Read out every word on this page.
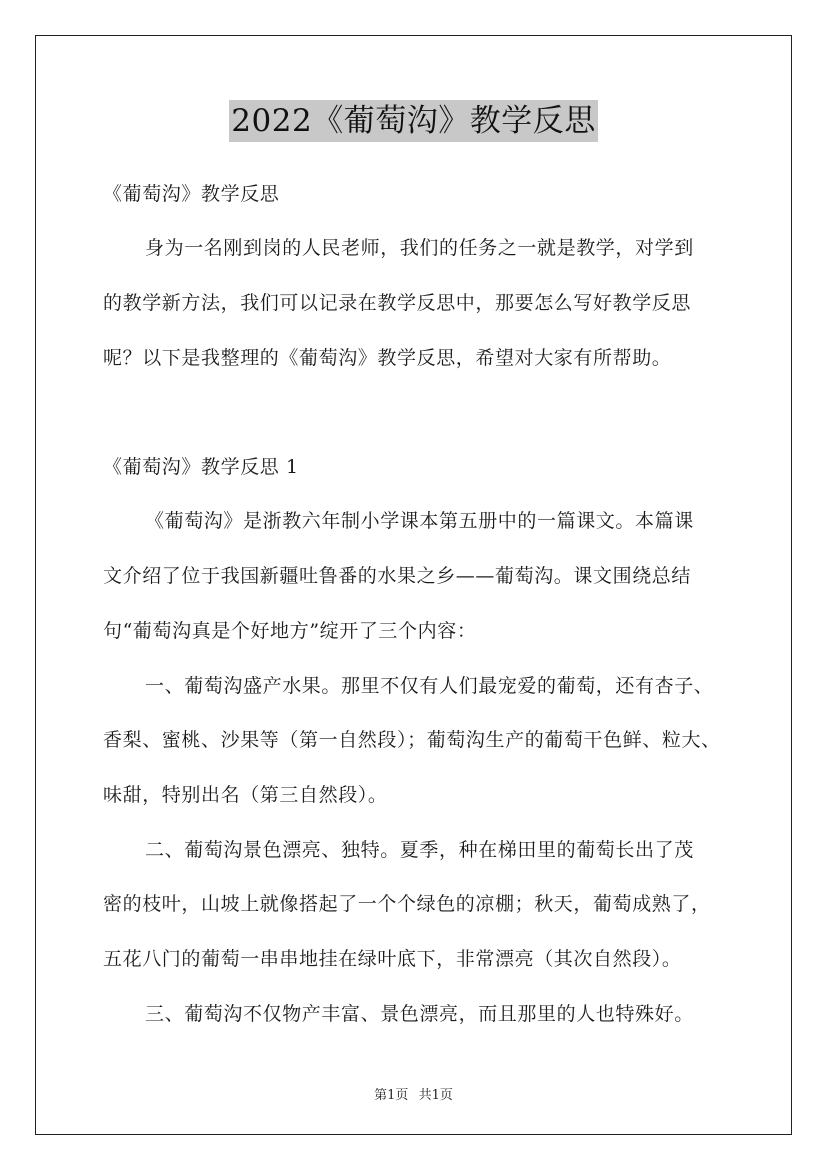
2022《葡萄沟》教学反思
《葡萄沟》教学反思
身为一名刚到岗的人民老师，我们的任务之一就是教学，对学到
的教学新方法，我们可以记录在教学反思中，那要怎么写好教学反思
呢？以下是我整理的《葡萄沟》教学反思，希望对大家有所帮助。
《葡萄沟》教学反思 1
《葡萄沟》是浙教六年制小学课本第五册中的一篇课文。本篇课
文介绍了位于我国新疆吐鲁番的水果之乡——葡萄沟。课文围绕总结
句“葡萄沟真是个好地方”绽开了三个内容：
一、葡萄沟盛产水果。那里不仅有人们最宠爱的葡萄，还有杏子、
香梨、蜜桃、沙果等（第一自然段）；葡萄沟生产的葡萄干色鲜、粒大、
味甜，特别出名（第三自然段）。
二、葡萄沟景色漂亮、独特。夏季，种在梯田里的葡萄长出了茂
密的枝叶，山坡上就像搭起了一个个绿色的凉棚；秋天，葡萄成熟了，
五花八门的葡萄一串串地挂在绿叶底下，非常漂亮（其次自然段）。
三、葡萄沟不仅物产丰富、景色漂亮，而且那里的人也特殊好。
第1页 共1页
